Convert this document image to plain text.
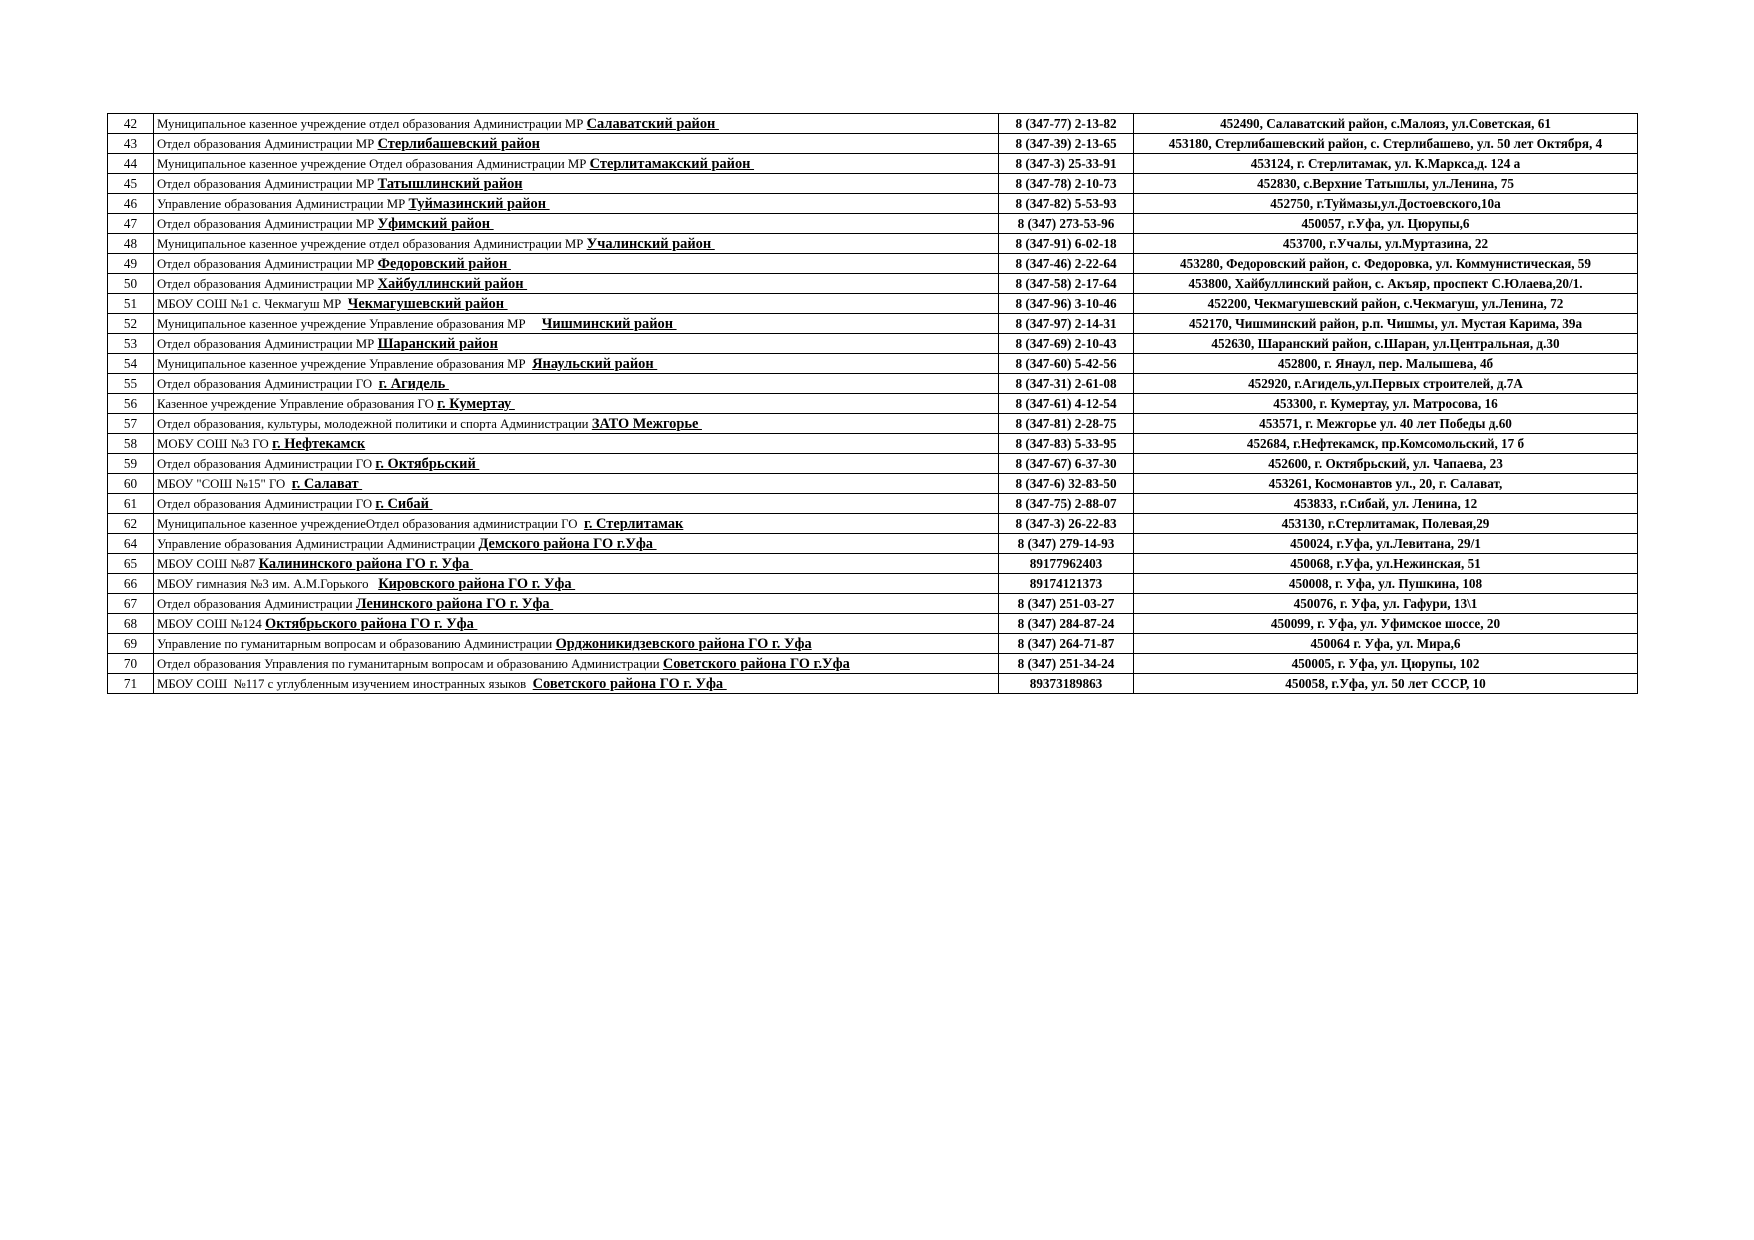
42	Муниципальное казенное учреждение отдел образования Администрации МР Салаватский район	8 (347-77) 2-13-82	452490, Салаватский район, с.Малояз, ул.Советская, 61
43	Отдел образования Администрации МР Стерлибашевский район	8 (347-39) 2-13-65	453180, Стерлибашевский район, с. Стерлибашево, ул. 50 лет Октября, 4
44	Муниципальное казенное учреждение Отдел образования Администрации МР Стерлитамакский район	8 (347-3) 25-33-91	453124, г. Стерлитамак, ул. К.Маркса,д. 124 а
45	Отдел образования Администрации МР Татышлинский район	8 (347-78) 2-10-73	452830, с.Верхние Татышлы, ул.Ленина, 75
46	Управление образования Администрации МР Туймазинский район	8 (347-82) 5-53-93	452750, г.Туймазы,ул.Достоевского,10а
47	Отдел образования Администрации МР Уфимский район	8 (347) 273-53-96	450057, г.Уфа, ул. Цюрупы,6
48	Муниципальное казенное учреждение отдел образования Администрации МР Учалинский район	8 (347-91) 6-02-18	453700, г.Учалы, ул.Муртазина, 22
49	Отдел образования Администрации МР Федоровский район	8 (347-46) 2-22-64	453280, Федоровский район, с. Федоровка, ул. Коммунистическая, 59
50	Отдел образования Администрации МР Хайбуллинский район	8 (347-58) 2-17-64	453800, Хайбуллинский район, с. Акъяр, проспект С.Юлаева,20/1.
51	МБОУ СОШ №1 с. Чекмагуш МР  Чекмагушевский район	8 (347-96) 3-10-46	452200, Чекмагушевский район, с.Чекмагуш, ул.Ленина, 72
52	Муниципальное казенное учреждение Управление образования МР     Чишминский район	8 (347-97) 2-14-31	452170, Чишминский район, р.п. Чишмы, ул. Мустая Карима, 39а
53	Отдел образования Администрации МР Шаранский район	8 (347-69) 2-10-43	452630, Шаранский район, с.Шаран, ул.Центральная, д.30
54	Муниципальное казенное учреждение Управление образования МР  Янаульский район	8 (347-60) 5-42-56	452800, г. Янаул, пер. Малышева, 4б
55	Отдел образования Администрации ГО  г. Агидель	8 (347-31) 2-61-08	452920, г.Агидель,ул.Первых строителей, д.7А
56	Казенное учреждение Управление образования ГО г. Кумертау	8 (347-61) 4-12-54	453300, г. Кумертау, ул. Матросова, 16
57	Отдел образования, культуры, молодежной политики и спорта Администрации ЗАТО Межгорье	8 (347-81) 2-28-75	453571, г. Межгорье ул. 40 лет Победы д.60
58	МОБУ СОШ №3 ГО г. Нефтекамск	8 (347-83) 5-33-95	452684, г.Нефтекамск, пр.Комсомольский, 17 б
59	Отдел образования Администрации ГО г. Октябрьский	8 (347-67) 6-37-30	452600, г. Октябрьский, ул. Чапаева, 23
60	МБОУ "СОШ №15" ГО  г. Салават	8 (347-6) 32-83-50	453261, Космонавтов ул., 20, г. Салават,
61	Отдел образования Администрации ГО г. Сибай	8 (347-75) 2-88-07	453833, г.Сибай, ул. Ленина, 12
62	Муниципальное казенное учреждениеОтдел образования администрации ГО  г. Стерлитамак	8 (347-3) 26-22-83	453130, г.Стерлитамак, Полевая,29
64	Управление образования Администрации Администрации Демского района ГО г.Уфа	8 (347) 279-14-93	450024, г.Уфа, ул.Левитана, 29/1
65	МБОУ СОШ №87 Калининского района ГО г. Уфа	89177962403	450068, г.Уфа, ул.Нежинская, 51
66	МБОУ гимназия №3 им. А.М.Горького   Кировского района ГО г. Уфа	89174121373	450008, г. Уфа, ул. Пушкина, 108
67	Отдел образования Администрации Ленинского района ГО г. Уфа	8 (347) 251-03-27	450076, г. Уфа, ул. Гафури, 13\1
68	МБОУ СОШ №124 Октябрьского района ГО г. Уфа	8 (347) 284-87-24	450099, г. Уфа, ул. Уфимское шоссе, 20
69	Управление по гуманитарным вопросам и образованию Администрации Орджоникидзевского района ГО г. Уфа	8 (347) 264-71-87	450064 г. Уфа, ул. Мира,6
70	Отдел образования Управления по гуманитарным вопросам и образованию Администрации Советского района ГО г.Уфа	8 (347) 251-34-24	450005, г. Уфа, ул. Цюрупы, 102
71	МБОУ СОШ  №117 с углубленным изучением иностранных языков  Советского района ГО г. Уфа	89373189863	450058, г.Уфа, ул. 50 лет СССР, 10
